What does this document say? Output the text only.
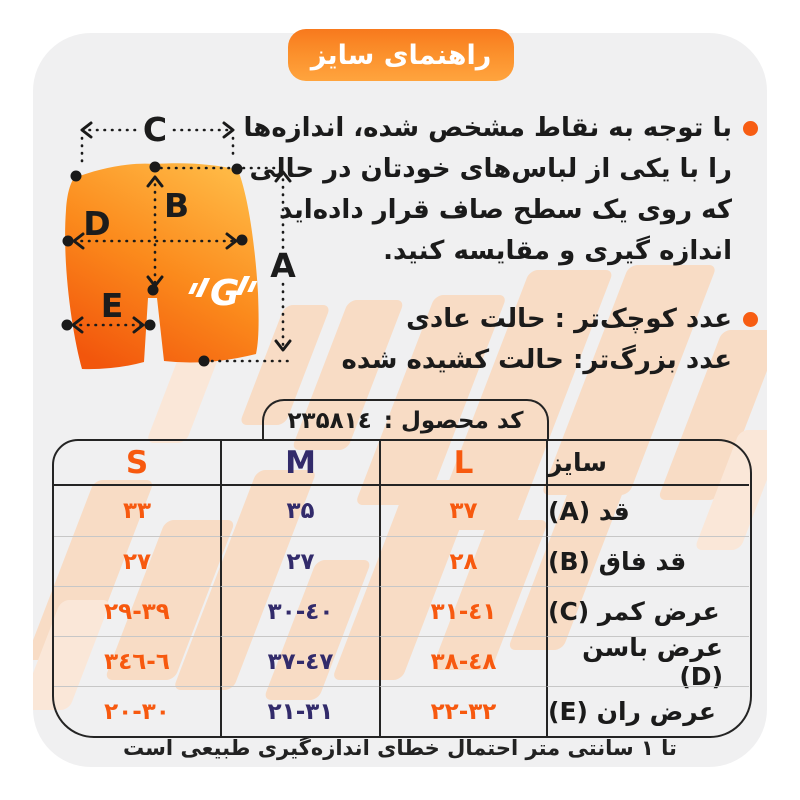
راهنمای سایز
G
C
B
D
E
A
با توجه به نقاط مشخص شده، اندازه‌ها
را با یکی از لباس‌های خودتان در حالی
که روی یک سطح صاف قرار داده‌اید
اندازه گیری و مقایسه کنید.
عدد کوچک‌تر : حالت عادی
عدد بزرگ‌تر: حالت کشیده شده
کد محصول :
۲۳۵۸۱٤
S	M	L	سایز
۳۳	۳۵	۳۷	قد (A)
۲۷	۲۷	۲۸	قد فاق (B)
۲۹-۳۹	۳۰-٤۰	۳۱-٤۱	عرض کمر (C)
۳٦-٤٦	۳۷-٤۷	۳۸-٤۸	عرض باسن (D)
۲۰-۳۰	۲۱-۳۱	۲۲-۳۲	عرض ران (E)
تا ۱ سانتی متر احتمال خطای اندازه‌گیری طبیعی است
